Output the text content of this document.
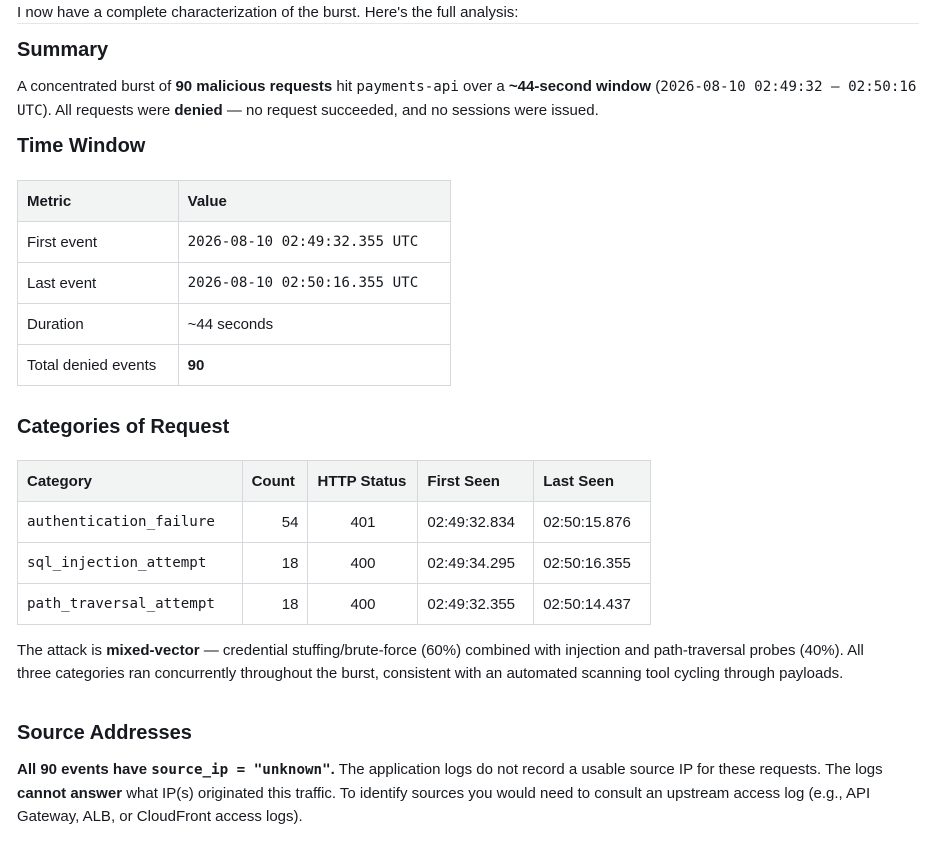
I now have a complete characterization of the burst. Here's the full analysis:
Summary

A concentrated burst of 90 malicious requests hit payments-api over a ~44-second window (2026-08-10 02:49:32 – 02:50:16 UTC). All requests were denied — no request succeeded, and no sessions were issued.

Time Window
Metric	Value
First event	2026-08-10 02:49:32.355 UTC
Last event	2026-08-10 02:50:16.355 UTC
Duration	~44 seconds
Total denied events	90
Categories of Request
Category	Count	HTTP Status	First Seen	Last Seen
authentication_failure	54	401	02:49:32.834	02:50:15.876
sql_injection_attempt	18	400	02:49:34.295	02:50:16.355
path_traversal_attempt	18	400	02:49:32.355	02:50:14.437

The attack is mixed-vector — credential stuffing/brute-force (60%) combined with injection and path-traversal probes (40%). All three categories ran concurrently throughout the burst, consistent with an automated scanning tool cycling through payloads.

Source Addresses

All 90 events have source_ip = "unknown". The application logs do not record a usable source IP for these requests. The logs cannot answer what IP(s) originated this traffic. To identify sources you would need to consult an upstream access log (e.g., API Gateway, ALB, or CloudFront access logs).
